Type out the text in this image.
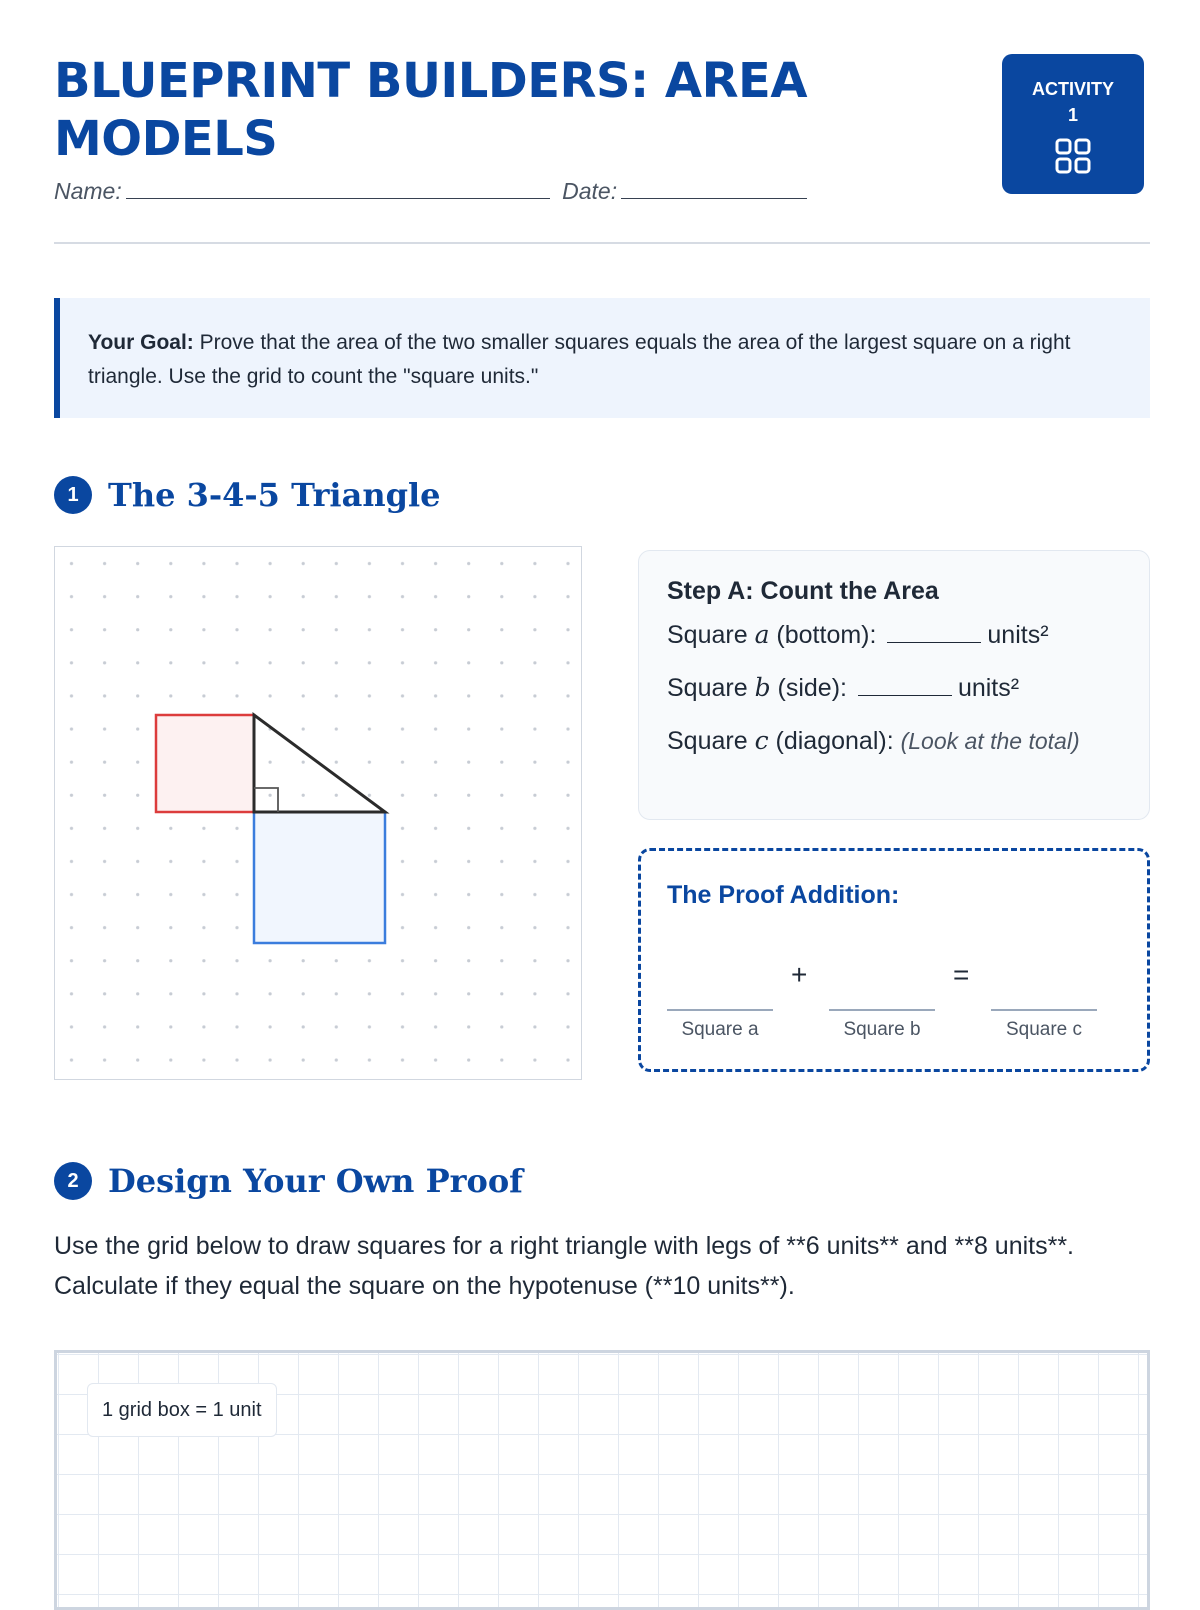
BLUEPRINT BUILDERS: AREA MODELS
Name:	Date:
ACTIVITY
1
Your Goal: Prove that the area of the two smaller squares equals the area of the largest square on a right triangle. Use the grid to count the "square units."
1 The 3-4-5 Triangle
Step A: Count the Area
Square a (bottom):	units²
Square b (side):	units²
Square c (diagonal): (Look at the total)
The Proof Addition:
Square a
+
Square b
=
Square c
2 Design Your Own Proof
Use the grid below to draw squares for a right triangle with legs of **6 units** and **8 units**. Calculate if they equal the square on the hypotenuse (**10 units**).
1 grid box = 1 unit
